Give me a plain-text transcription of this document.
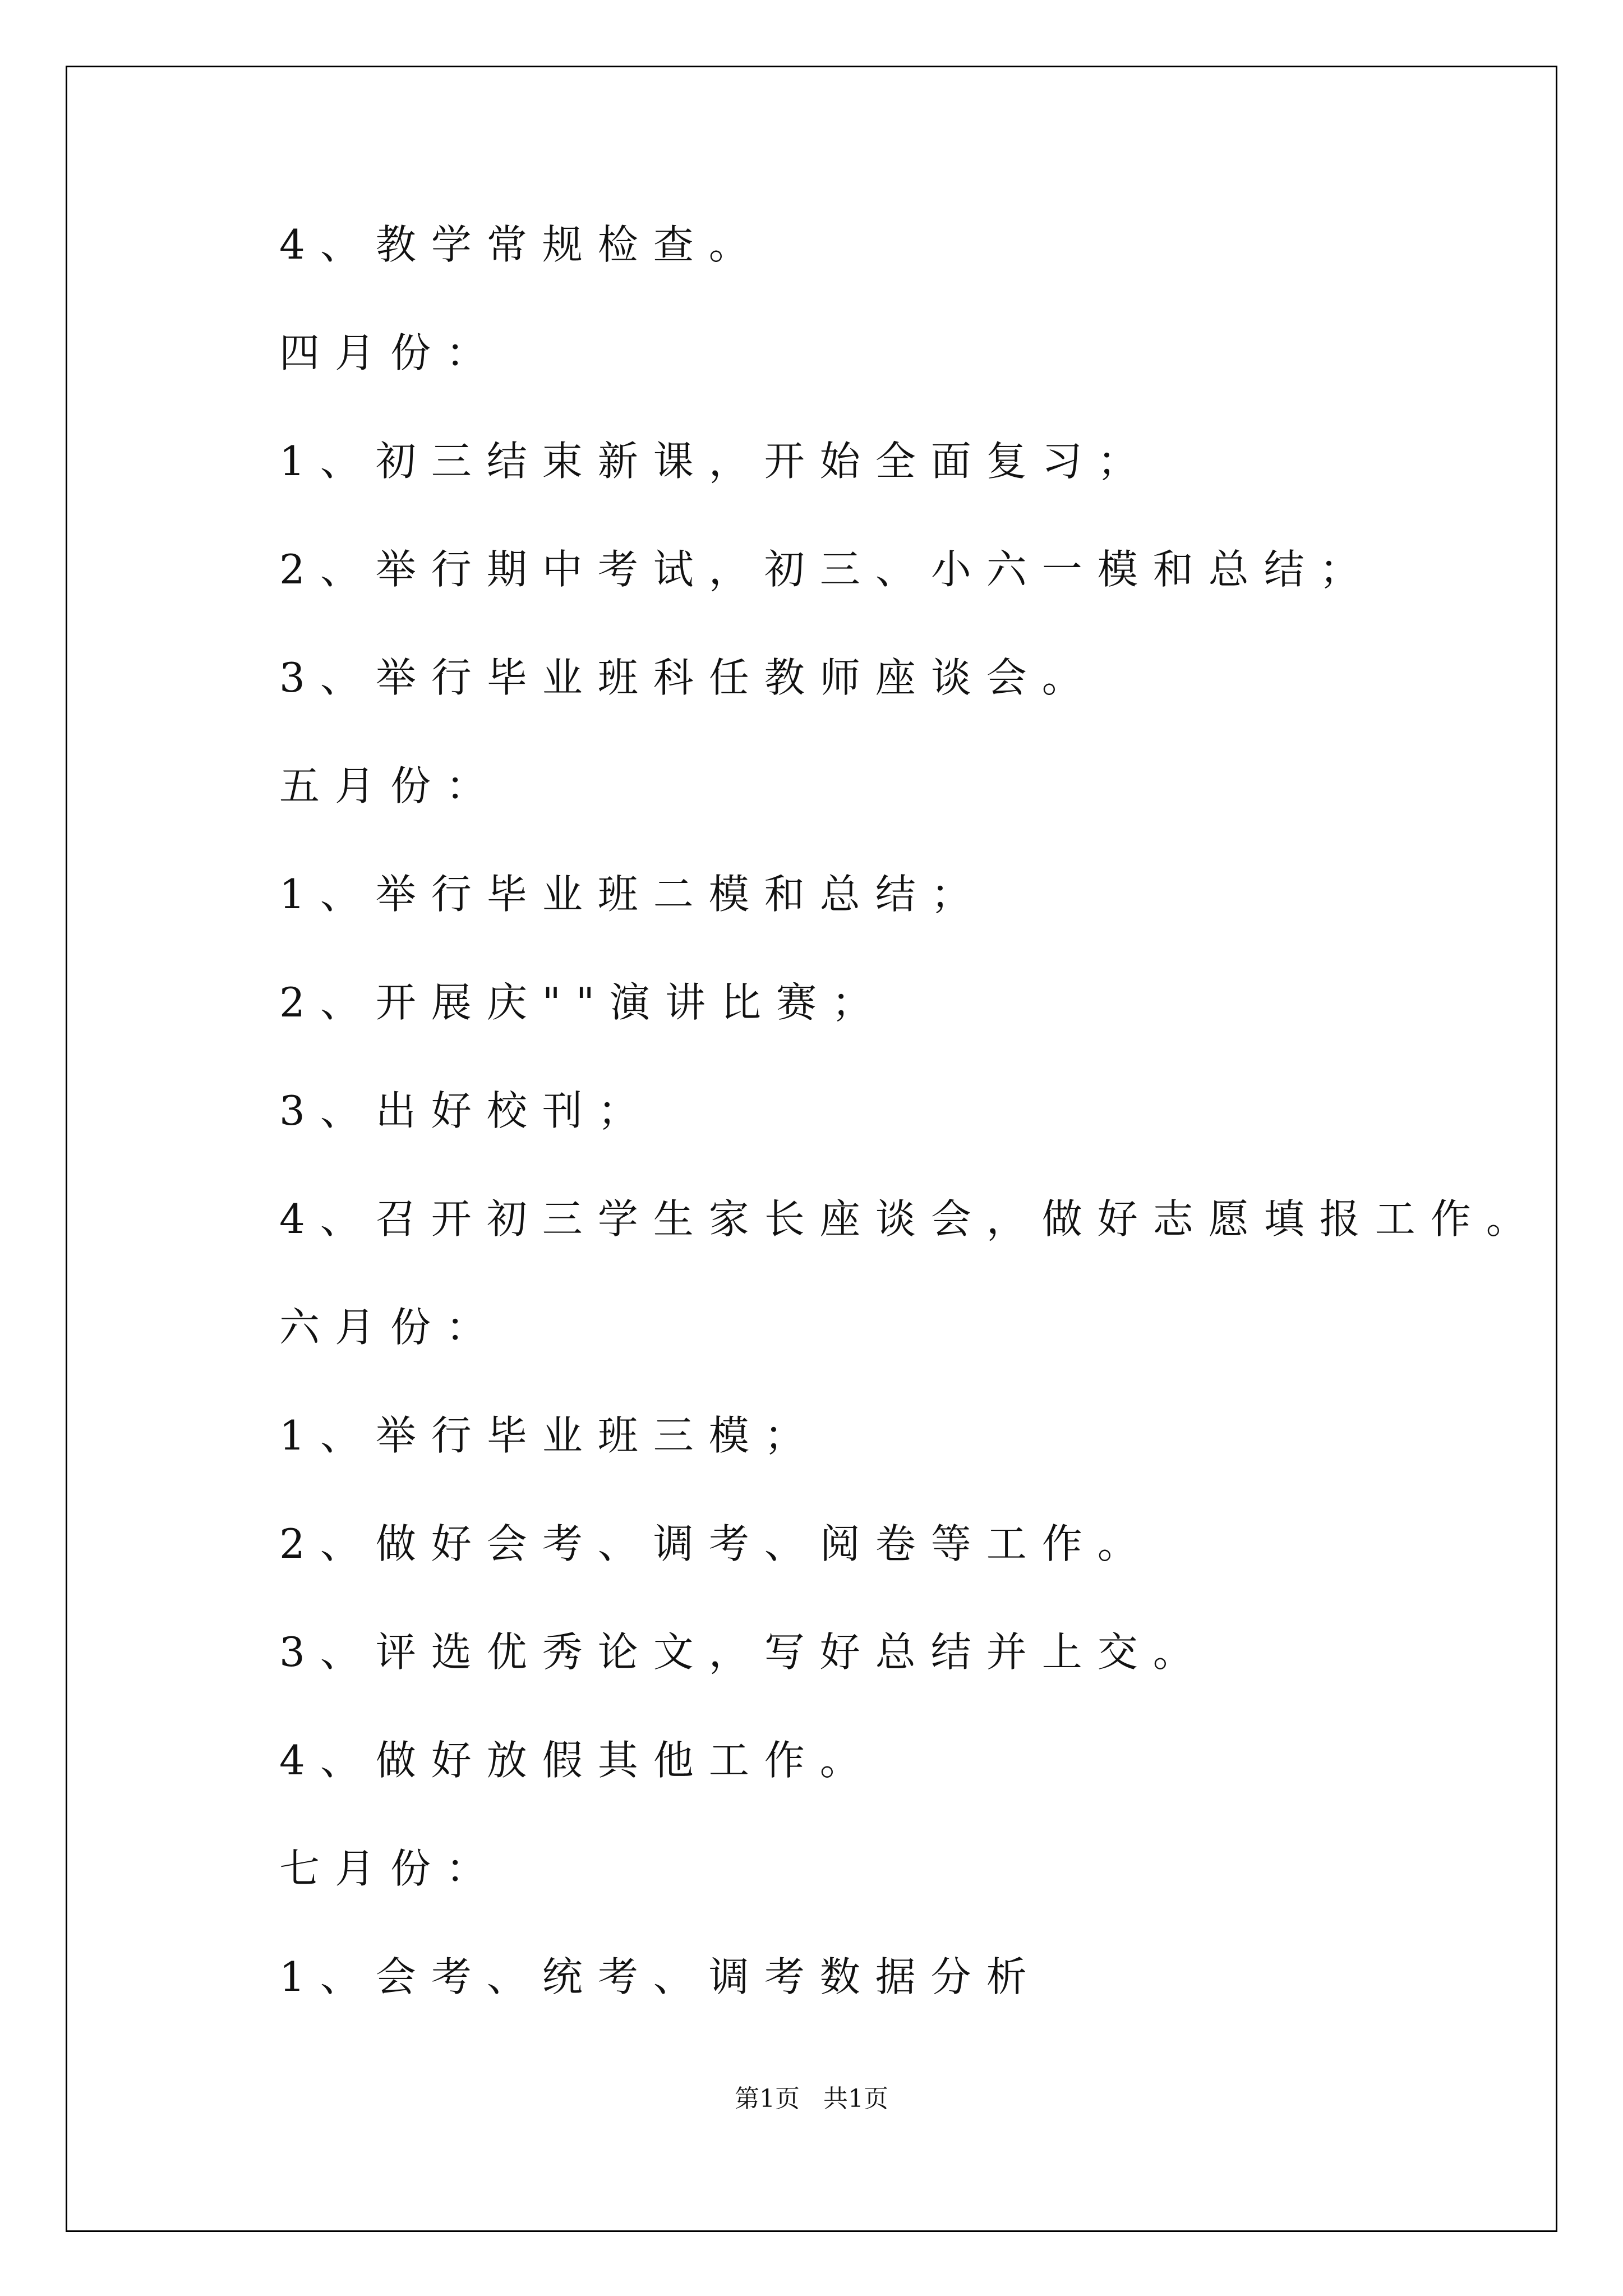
4、教学常规检查。
四月份：
1、初三结束新课，开始全面复习；
2、举行期中考试，初三、小六一模和总结；
3、举行毕业班科任教师座谈会。
五月份：
1、举行毕业班二模和总结；
2、开展庆""演讲比赛；
3、出好校刊；
4、召开初三学生家长座谈会，做好志愿填报工作。
六月份：
1、举行毕业班三模；
2、做好会考、调考、阅卷等工作。
3、评选优秀论文，写好总结并上交。
4、做好放假其他工作。
七月份：
1、会考、统考、调考数据分析
第1页   共1页
